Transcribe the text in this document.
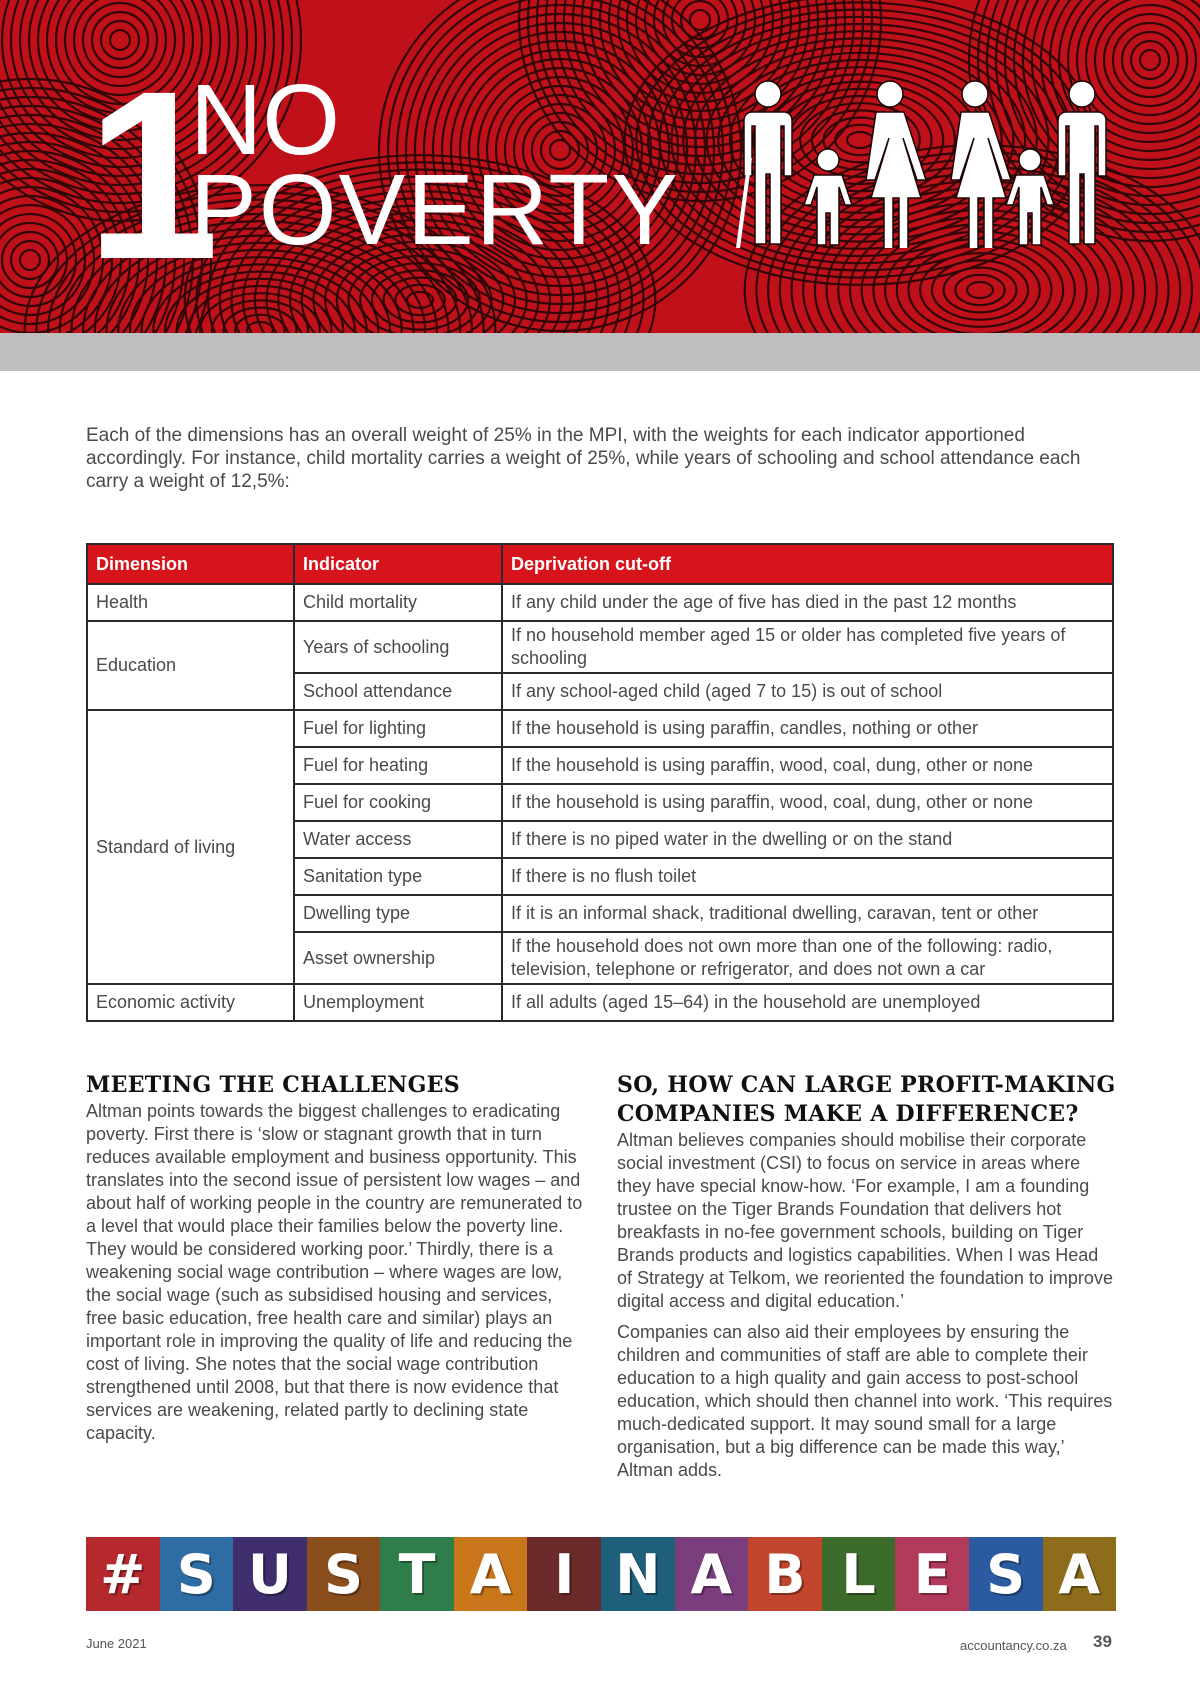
1
NO
POVERTY

Each of the dimensions has an overall weight of 25% in the MPI, with the weights for each indicator apportioned accordingly. For instance, child mortality carries a weight of 25%, while years of schooling and school attendance each carry a weight of 12,5%:

Dimension	Indicator	Deprivation cut-off
Health	Child mortality	If any child under the age of five has died in the past 12 months
Education	Years of schooling	If no household member aged 15 or older has completed five years of schooling
	School attendance	If any school-aged child (aged 7 to 15) is out of school
Standard of living	Fuel for lighting	If the household is using paraffin, candles, nothing or other
	Fuel for heating	If the household is using paraffin, wood, coal, dung, other or none
	Fuel for cooking	If the household is using paraffin, wood, coal, dung, other or none
	Water access	If there is no piped water in the dwelling or on the stand
	Sanitation type	If there is no flush toilet
	Dwelling type	If it is an informal shack, traditional dwelling, caravan, tent or other
	Asset ownership	If the household does not own more than one of the following: radio, television, telephone or refrigerator, and does not own a car
Economic activity	Unemployment	If all adults (aged 15–64) in the household are unemployed
MEETING THE CHALLENGES

Altman points towards the biggest challenges to eradicating poverty. First there is ‘slow or stagnant growth that in turn reduces available employment and business opportunity. This translates into the second issue of persistent low wages – and about half of working people in the country are remunerated to a level that would place their families below the poverty line. They would be considered working poor.’ Thirdly, there is a weakening social wage contribution – where wages are low, the social wage (such as subsidised housing and services, free basic education, free health care and similar) plays an important role in improving the quality of life and reducing the cost of living. She notes that the social wage contribution strengthened until 2008, but that there is now evidence that services are weakening, related partly to declining state capacity.

SO, HOW CAN LARGE PROFIT-MAKING COMPANIES MAKE A DIFFERENCE?

Altman believes companies should mobilise their corporate social investment (CSI) to focus on service in areas where they have special know-how. ‘For example, I am a founding trustee on the Tiger Brands Foundation that delivers hot breakfasts in no-fee government schools, building on Tiger Brands products and logistics capabilities. When I was Head of Strategy at Telkom, we reoriented the foundation to improve digital access and digital education.’

Companies can also aid their employees by ensuring the children and communities of staff are able to complete their education to a high quality and gain access to post-school education, which should then channel into work. ‘This requires much-dedicated support. It may sound small for a large organisation, but a big difference can be made this way,’ Altman adds.

# S U S T A I N A B L E S A
June 2021	accountancy.co.za 39
